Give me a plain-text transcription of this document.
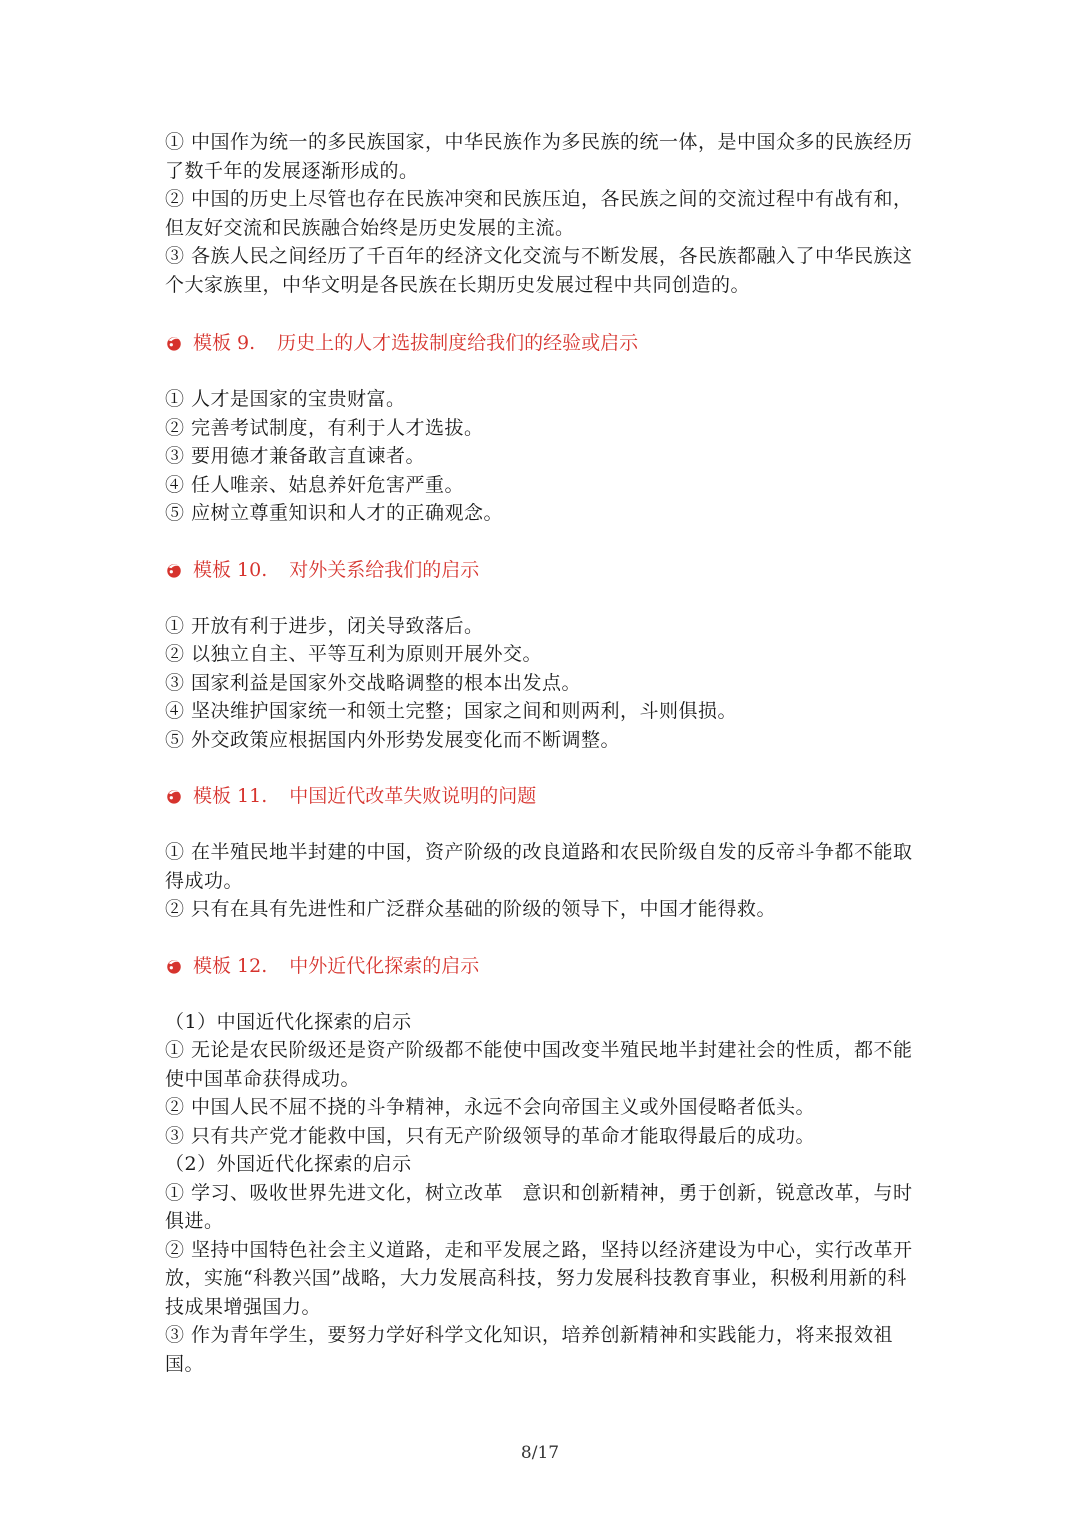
① 中国作为统一的多民族国家，中华民族作为多民族的统一体，是中国众多的民族经历了数千年的发展逐渐形成的。

② 中国的历史上尽管也存在民族冲突和民族压迫，各民族之间的交流过程中有战有和，但友好交流和民族融合始终是历史发展的主流。

③ 各族人民之间经历了千百年的经济文化交流与不断发展，各民族都融入了中华民族这个大家族里，中华文明是各民族在长期历史发展过程中共同创造的。

模板 9. 历史上的人才选拔制度给我们的经验或启示

① 人才是国家的宝贵财富。

② 完善考试制度，有利于人才选拔。

③ 要用德才兼备敢言直谏者。

④ 任人唯亲、姑息养奸危害严重。

⑤ 应树立尊重知识和人才的正确观念。

模板 10. 对外关系给我们的启示

① 开放有利于进步，闭关导致落后。

② 以独立自主、平等互利为原则开展外交。

③ 国家利益是国家外交战略调整的根本出发点。

④ 坚决维护国家统一和领土完整；国家之间和则两利，斗则俱损。

⑤ 外交政策应根据国内外形势发展变化而不断调整。

模板 11. 中国近代改革失败说明的问题

① 在半殖民地半封建的中国，资产阶级的改良道路和农民阶级自发的反帝斗争都不能取得成功。

② 只有在具有先进性和广泛群众基础的阶级的领导下，中国才能得救。

模板 12. 中外近代化探索的启示

（1）中国近代化探索的启示

① 无论是农民阶级还是资产阶级都不能使中国改变半殖民地半封建社会的性质，都不能使中国革命获得成功。

② 中国人民不屈不挠的斗争精神，永远不会向帝国主义或外国侵略者低头。

③ 只有共产党才能救中国，只有无产阶级领导的革命才能取得最后的成功。

（2）外国近代化探索的启示

① 学习、吸收世界先进文化，树立改革　意识和创新精神，勇于创新，锐意改革，与时俱进。

② 坚持中国特色社会主义道路，走和平发展之路，坚持以经济建设为中心，实行改革开放，实施“科教兴国”战略，大力发展高科技，努力发展科技教育事业，积极利用新的科技成果增强国力。

③ 作为青年学生，要努力学好科学文化知识，培养创新精神和实践能力，将来报效祖国。

8/17
